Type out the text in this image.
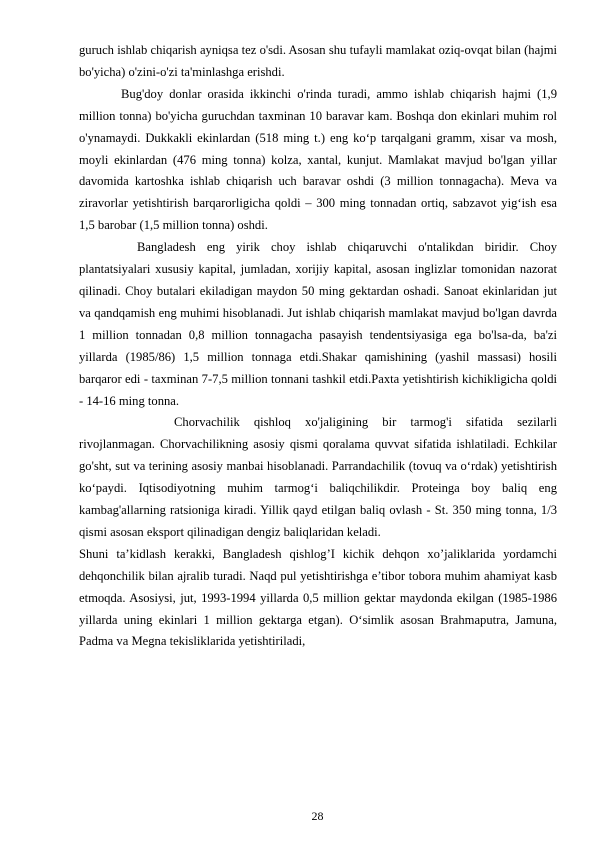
guruch ishlab chiqarish ayniqsa tez o'sdi. Asosan shu tufayli mamlakat oziq-ovqat bilan (hajmi bo'yicha) o'zini-o'zi ta'minlashga erishdi.

Bug'doy donlar orasida ikkinchi o'rinda turadi, ammo ishlab chiqarish hajmi (1,9 million tonna) bo'yicha guruchdan taxminan 10 baravar kam. Boshqa don ekinlari muhim rol o'ynamaydi. Dukkakli ekinlardan (518 ming t.) eng koʻp tarqalgani gramm, xisar va mosh, moyli ekinlardan (476 ming tonna) kolza, xantal, kunjut. Mamlakat mavjud bo'lgan yillar davomida kartoshka ishlab chiqarish uch baravar oshdi (3 million tonnagacha). Meva va ziravorlar yetishtirish barqarorligicha qoldi – 300 ming tonnadan ortiq, sabzavot yig‘ish esa 1,5 barobar (1,5 million tonna) oshdi.

Bangladesh eng yirik choy ishlab chiqaruvchi o'ntalikdan biridir. Choy plantatsiyalari xususiy kapital, jumladan, xorijiy kapital, asosan inglizlar tomonidan nazorat qilinadi. Choy butalari ekiladigan maydon 50 ming gektardan oshadi. Sanoat ekinlaridan jut va qandqamish eng muhimi hisoblanadi. Jut ishlab chiqarish mamlakat mavjud bo'lgan davrda 1 million tonnadan 0,8 million tonnagacha pasayish tendentsiyasiga ega bo'lsa-da, ba'zi yillarda (1985/86) 1,5 million tonnaga etdi.Shakar qamishining (yashil massasi) hosili barqaror edi - taxminan 7-7,5 million tonnani tashkil etdi.Paxta yetishtirish kichikligicha qoldi - 14-16 ming tonna.

Chorvachilik qishloq xo'jaligining bir tarmog'i sifatida sezilarli rivojlanmagan. Chorvachilikning asosiy qismi qoralama quvvat sifatida ishlatiladi. Echkilar go'sht, sut va terining asosiy manbai hisoblanadi. Parrandachilik (tovuq va oʻrdak) yetishtirish koʻpaydi. Iqtisodiyotning muhim tarmogʻi baliqchilikdir. Proteinga boy baliq eng kambag'allarning ratsioniga kiradi. Yillik qayd etilgan baliq ovlash - St. 350 ming tonna, 1/3 qismi asosan eksport qilinadigan dengiz baliqlaridan keladi.

Shuni ta’kidlash kerakki, Bangladesh qishlog’I kichik dehqon xo’jaliklarida yordamchi dehqonchilik bilan ajralib turadi. Naqd pul yetishtirishga e’tibor tobora muhim ahamiyat kasb etmoqda. Asosiysi, jut, 1993-1994 yillarda 0,5 million gektar maydonda ekilgan (1985-1986 yillarda uning ekinlari 1 million gektarga etgan). Oʻsimlik asosan Brahmaputra, Jamuna, Padma va Megna tekisliklarida yetishtiriladi,

28
